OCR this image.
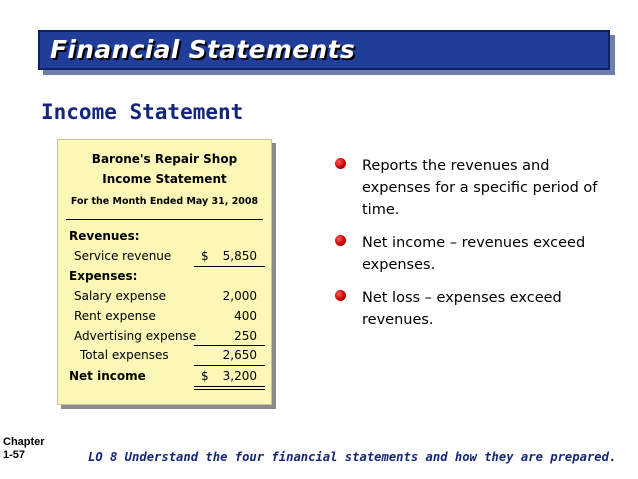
Financial Statements
Income Statement
Barone's Repair Shop
Income Statement
For the Month Ended May 31, 2008
Revenues:
Service revenue $ 5,850
Expenses:
Salary expense	2,000
Rent expense	400
Advertising expense	250
Total expenses	2,650
Net income	$ 3,200
Reports the revenues and expenses for a specific period of time.
Net income – revenues exceed expenses.
Net loss – expenses exceed revenues.
Chapter
1-57	LO 8 Understand the four financial statements and how they are prepared.
